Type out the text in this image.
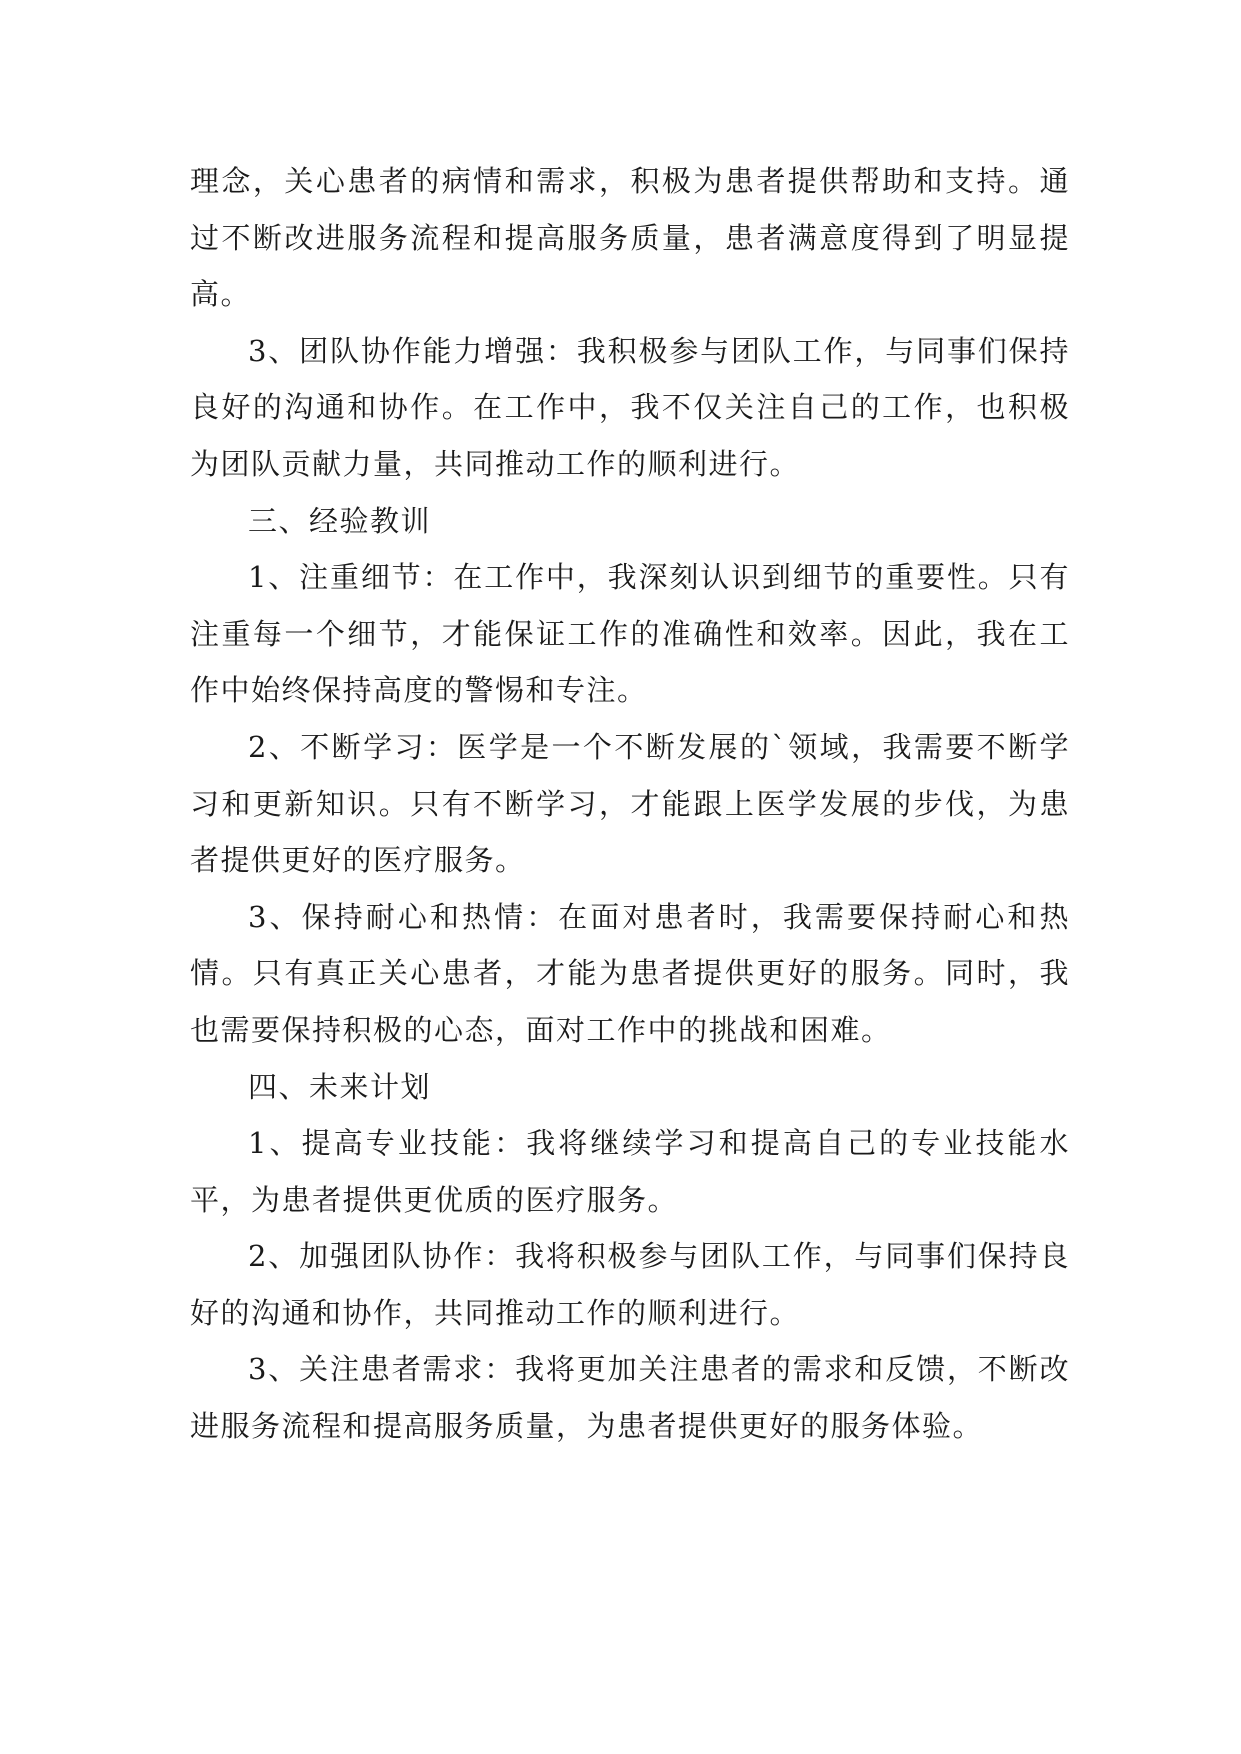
理念，关心患者的病情和需求，积极为患者提供帮助和支持。通过不断改进服务流程和提高服务质量，患者满意度得到了明显提高。

3、团队协作能力增强：我积极参与团队工作，与同事们保持良好的沟通和协作。在工作中，我不仅关注自己的工作，也积极为团队贡献力量，共同推动工作的顺利进行。

三、经验教训

1、注重细节：在工作中，我深刻认识到细节的重要性。只有注重每一个细节，才能保证工作的准确性和效率。因此，我在工作中始终保持高度的警惕和专注。

2、不断学习：医学是一个不断发展的`领域，我需要不断学习和更新知识。只有不断学习，才能跟上医学发展的步伐，为患者提供更好的医疗服务。

3、保持耐心和热情：在面对患者时，我需要保持耐心和热情。只有真正关心患者，才能为患者提供更好的服务。同时，我也需要保持积极的心态，面对工作中的挑战和困难。

四、未来计划

1、提高专业技能：我将继续学习和提高自己的专业技能水平，为患者提供更优质的医疗服务。

2、加强团队协作：我将积极参与团队工作，与同事们保持良好的沟通和协作，共同推动工作的顺利进行。

3、关注患者需求：我将更加关注患者的需求和反馈，不断改进服务流程和提高服务质量，为患者提供更好的服务体验。
